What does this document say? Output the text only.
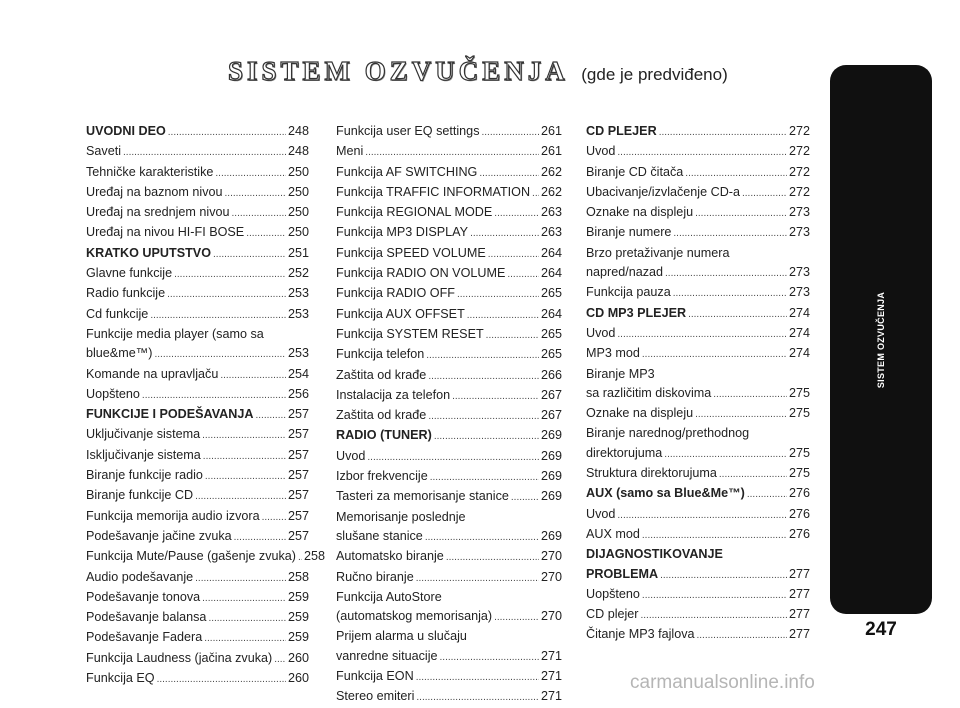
SISTEM OZVUČENJA (gde je predviđeno)
UVODNI DEO .....	248
Saveti .....	248
Tehničke karakteristike .....	250
Uređaj na baznom nivou .....	250
Uređaj na srednjem nivou .....	250
Uređaj na nivou HI-FI BOSE .....	250
KRATKO UPUTSTVO .....	251
Glavne funkcije .....	252
Radio funkcije .....	253
Cd funkcije .....	253
Funkcije media player (samo sa
blue&me™) .....	253
Komande na upravljaču .....	254
Uopšteno .....	256
FUNKCIJE I PODEŠAVANJA .....	257
Uključivanje sistema .....	257
Isključivanje sistema .....	257
Biranje funkcije radio .....	257
Biranje funkcije CD .....	257
Funkcija memorija audio izvora ..... 257
Podešavanje jačine zvuka .....	257
Funkcija Mute/Pause (gašenje zvuka) ..... 258
Audio podešavanje .....	258
Podešavanje tonova .....	259
Podešavanje balansa .....	259
Podešavanje Fadera .....	259
Funkcija Laudness (jačina zvuka) ..... 260
Funkcija EQ .....	260
Funkcija user EQ settings .....	261
Meni .....	261
Funkcija AF SWITCHING .....	262
Funkcija TRAFFIC INFORMATION ..... 262
Funkcija REGIONAL MODE .....	263
Funkcija MP3 DISPLAY .....	263
Funkcija SPEED VOLUME .....	264
Funkcija RADIO ON VOLUME .....	264
Funkcija RADIO OFF .....	265
Funkcija AUX OFFSET .....	264
Funkcija SYSTEM RESET .....	265
Funkcija telefon .....	265
Zaštita od krađe .....	266
Instalacija za telefon .....	267
Zaštita od krađe .....	267
RADIO (TUNER) .....	269
Uvod .....	269
Izbor frekvencije .....	269
Tasteri za memorisanje stanice .....	269
Memorisanje poslednje
slušane stanice .....	269
Automatsko biranje .....	270
Ručno biranje .....	270
Funkcija AutoStore
(automatskog memorisanja) .....	270
Prijem alarma u slučaju
vanredne situacije .....	271
Funkcija EON .....	271
Stereo emiteri .....	271
CD PLEJER .....	272
Uvod .....	272
Biranje CD čitača .....	272
Ubacivanje/izvlačenje CD-a .....	272
Oznake na displeju .....	273
Biranje numere .....	273
Brzo pretaživanje numera
napred/nazad .....	273
Funkcija pauza .....	273
CD MP3 PLEJER .....	274
Uvod .....	274
MP3 mod .....	274
Biranje MP3
sa različitim diskovima .....	275
Oznake na displeju .....	275
Biranje narednog/prethodnog
direktorujuma .....	275
Struktura direktorujuma .....	275
AUX (samo sa Blue&Me™) .....	276
Uvod .....	276
AUX mod .....	276
DIJAGNOSTIKOVANJE
PROBLEMA .....	277
Uopšteno .....	277
CD plejer .....	277
Čitanje MP3 fajlova .....	277
SISTEM OZVUČENJA
247
carmanualsonline.info
